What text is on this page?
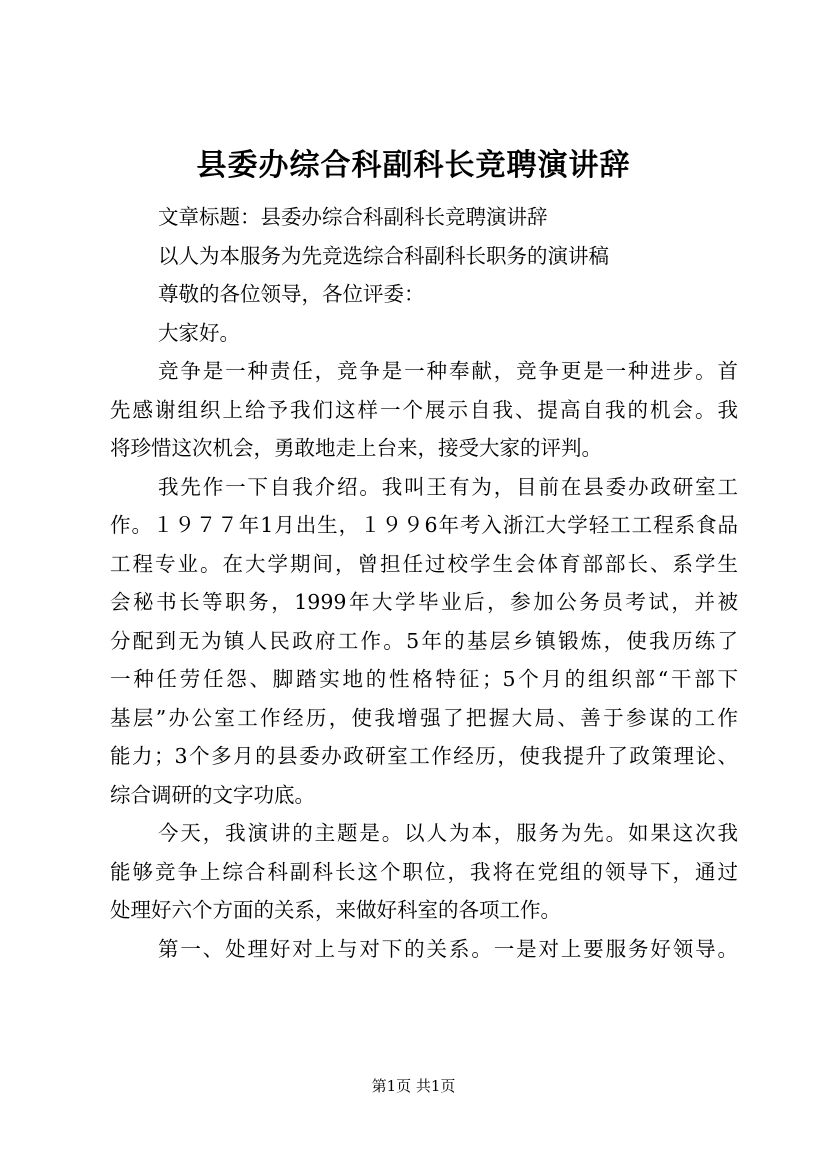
县委办综合科副科长竞聘演讲辞
文章标题：县委办综合科副科长竞聘演讲辞
以人为本服务为先竞选综合科副科长职务的演讲稿
尊敬的各位领导，各位评委：
大家好。
竞争是一种责任，竞争是一种奉献，竞争更是一种进步。首
先感谢组织上给予我们这样一个展示自我、提高自我的机会。我
将珍惜这次机会，勇敢地走上台来，接受大家的评判。
我先作一下自我介绍。我叫王有为，目前在县委办政研室工
作。１９７７年1月出生，１９９6年考入浙江大学轻工工程系食品
工程专业。在大学期间，曾担任过校学生会体育部部长、系学生
会秘书长等职务，1999年大学毕业后，参加公务员考试，并被
分配到无为镇人民政府工作。5年的基层乡镇锻炼，使我历练了
一种任劳任怨、脚踏实地的性格特征；5个月的组织部“干部下
基层”办公室工作经历，使我增强了把握大局、善于参谋的工作
能力；3个多月的县委办政研室工作经历，使我提升了政策理论、
综合调研的文字功底。
今天，我演讲的主题是。以人为本，服务为先。如果这次我
能够竞争上综合科副科长这个职位，我将在党组的领导下，通过
处理好六个方面的关系，来做好科室的各项工作。
第一、处理好对上与对下的关系。一是对上要服务好领导。
第1页 共1页
